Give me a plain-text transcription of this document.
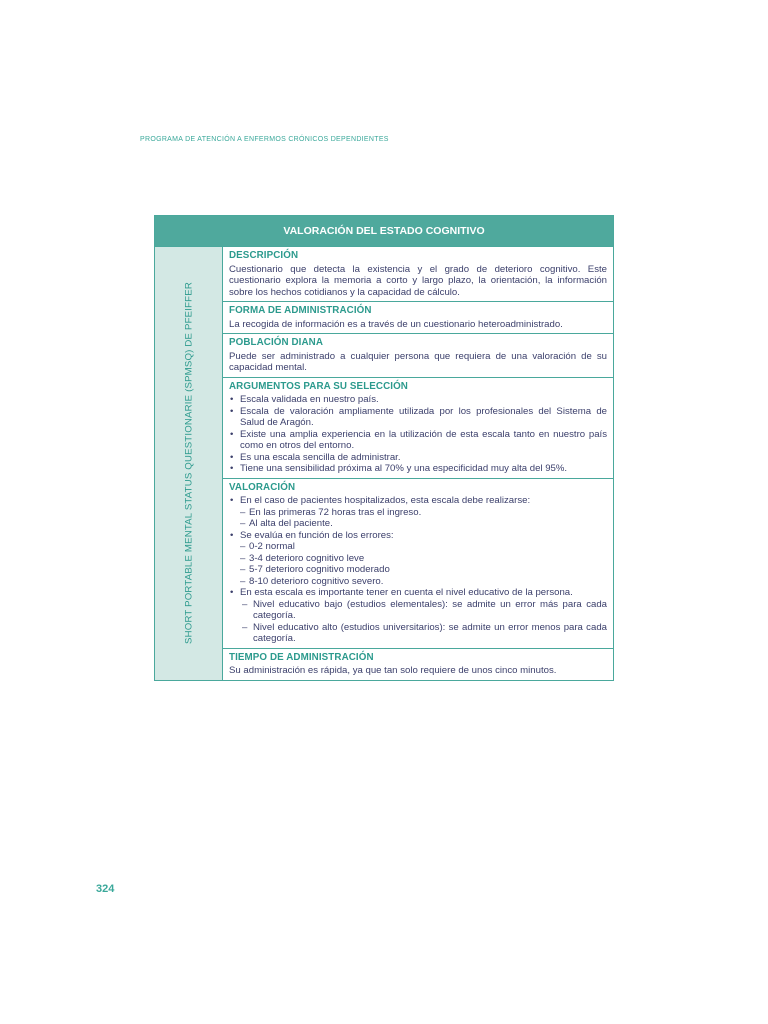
PROGRAMA DE ATENCIÓN A ENFERMOS CRÓNICOS DEPENDIENTES
VALORACIÓN DEL ESTADO COGNITIVO
SHORT PORTABLE MENTAL STATUS QUESTIONARIE (SPMSQ) DE PFEIFFER
DESCRIPCIÓN

Cuestionario que detecta la existencia y el grado de deterioro cognitivo. Este cuestionario explora la memoria a corto y largo plazo, la orientación, la información sobre los hechos cotidianos y la capacidad de cálculo.

FORMA DE ADMINISTRACIÓN

La recogida de información es a través de un cuestionario heteroadministrado.

POBLACIÓN DIANA

Puede ser administrado a cualquier persona que requiera de una valoración de su capacidad mental.

ARGUMENTOS PARA SU SELECCIÓN
• Escala validada en nuestro país.
• Escala de valoración ampliamente utilizada por los profesionales del Sistema de Salud de Aragón.
• Existe una amplia experiencia en la utilización de esta escala tanto en nuestro país como en otros del entorno.
• Es una escala sencilla de administrar.
• Tiene una sensibilidad próxima al 70% y una especificidad muy alta del 95%.
VALORACIÓN
• En el caso de pacientes hospitalizados, esta escala debe realizarse:
– En las primeras 72 horas tras el ingreso.
– Al alta del paciente.
• Se evalúa en función de los errores:
– 0-2 normal
– 3-4 deterioro cognitivo leve
– 5-7 deterioro cognitivo moderado
– 8-10 deterioro cognitivo severo.
• En esta escala es importante tener en cuenta el nivel educativo de la persona.
– Nivel educativo bajo (estudios elementales): se admite un error más para cada categoría.
– Nivel educativo alto (estudios universitarios): se admite un error menos para cada categoría.
TIEMPO DE ADMINISTRACIÓN

Su administración es rápida, ya que tan solo requiere de unos cinco minutos.

324
